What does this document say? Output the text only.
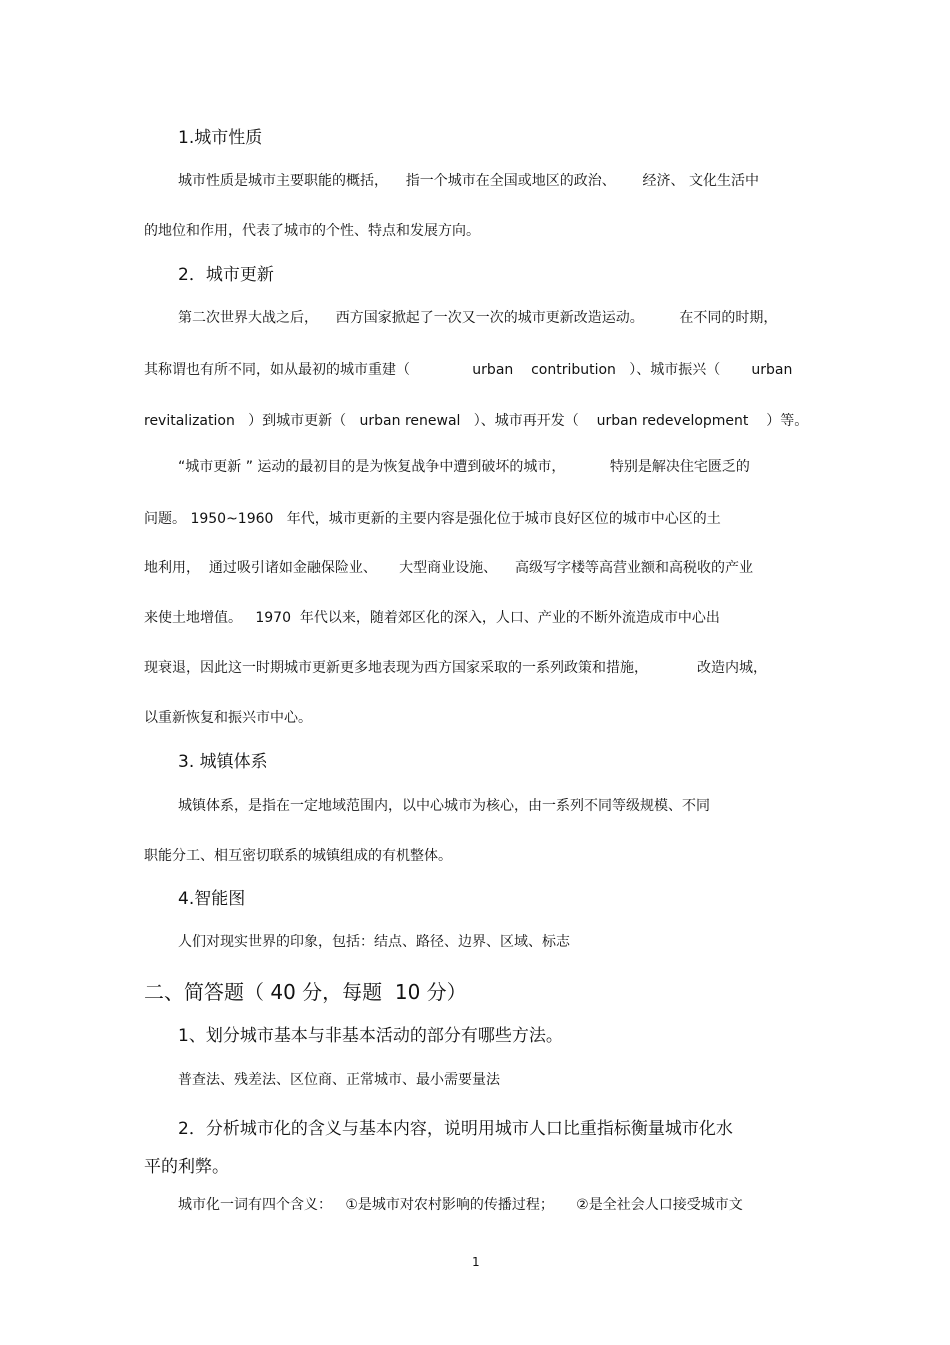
1.城市性质
城市性质是城市主要职能的概括，    指一个城市在全国或地区的政治、      经济、 文化生活中
的地位和作用，代表了城市的个性、特点和发展方向。
2．城市更新
第二次世界大战之后，    西方国家掀起了一次又一次的城市更新改造运动。        在不同的时期，
其称谓也有所不同，如从最初的城市重建（              urban    contribution   ）、城市振兴（       urban
revitalization   ）到城市更新（   urban renewal   ）、城市再开发（    urban redevelopment    ）等。
“城市更新 ” 运动的最初目的是为恢复战争中遭到破坏的城市，          特别是解决住宅匮乏的
问题。 1950~1960   年代，城市更新的主要内容是强化位于城市良好区位的城市中心区的土
地利用，  通过吸引诸如金融保险业、     大型商业设施、    高级写字楼等高营业额和高税收的产业
来使土地增值。   1970  年代以来，随着郊区化的深入，人口、产业的不断外流造成市中心出
现衰退，因此这一时期城市更新更多地表现为西方国家采取的一系列政策和措施，           改造内城，
以重新恢复和振兴市中心。
3. 城镇体系
城镇体系，是指在一定地域范围内，以中心城市为核心，由一系列不同等级规模、不同
职能分工、相互密切联系的城镇组成的有机整体。
4.智能图
人们对现实世界的印象，包括：结点、路径、边界、区域、标志
二、简答题（ 40 分，每题  10 分）
1、划分城市基本与非基本活动的部分有哪些方法。
普查法、残差法、区位商、正常城市、最小需要量法
2．分析城市化的含义与基本内容，说明用城市人口比重指标衡量城市化水
平的利弊。
城市化一词有四个含义：   ①是城市对农村影响的传播过程；     ②是全社会人口接受城市文
1
